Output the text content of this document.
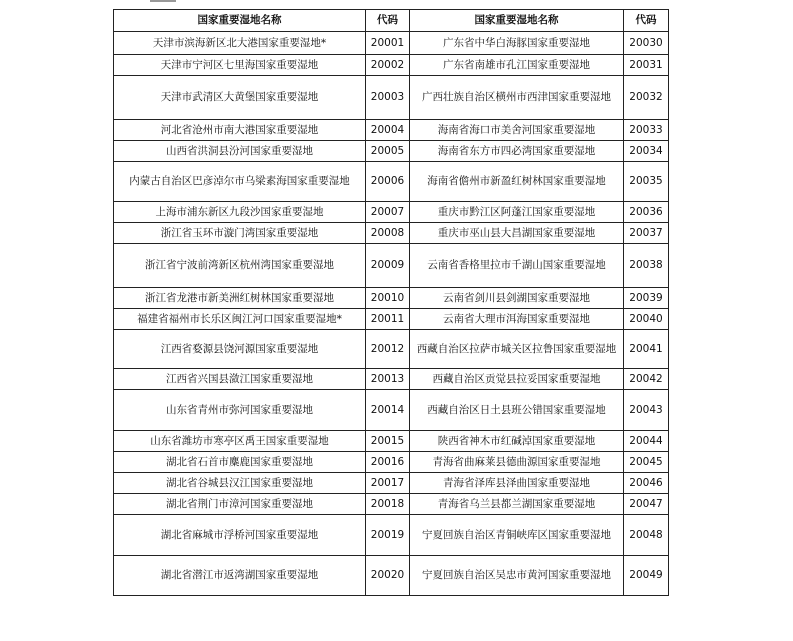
国家重要湿地名称	代码	国家重要湿地名称	代码
天津市滨海新区北大港国家重要湿地*	20001	广东省中华白海豚国家重要湿地	20030
天津市宁河区七里海国家重要湿地	20002	广东省南雄市孔江国家重要湿地	20031
天津市武清区大黄堡国家重要湿地	20003	广西壮族自治区横州市西津国家重要湿地	20032
河北省沧州市南大港国家重要湿地	20004	海南省海口市美舍河国家重要湿地	20033
山西省洪洞县汾河国家重要湿地	20005	海南省东方市四必湾国家重要湿地	20034
内蒙古自治区巴彦淖尔市乌梁素海国家重要湿地	20006	海南省儋州市新盈红树林国家重要湿地	20035
上海市浦东新区九段沙国家重要湿地	20007	重庆市黔江区阿蓬江国家重要湿地	20036
浙江省玉环市漩门湾国家重要湿地	20008	重庆市巫山县大昌湖国家重要湿地	20037
浙江省宁波前湾新区杭州湾国家重要湿地	20009	云南省香格里拉市千湖山国家重要湿地	20038
浙江省龙港市新美洲红树林国家重要湿地	20010	云南省剑川县剑湖国家重要湿地	20039
福建省福州市长乐区闽江河口国家重要湿地*	20011	云南省大理市洱海国家重要湿地	20040
江西省婺源县饶河源国家重要湿地	20012	西藏自治区拉萨市城关区拉鲁国家重要湿地	20041
江西省兴国县潋江国家重要湿地	20013	西藏自治区贡觉县拉妥国家重要湿地	20042
山东省青州市弥河国家重要湿地	20014	西藏自治区日土县班公错国家重要湿地	20043
山东省潍坊市寒亭区禹王国家重要湿地	20015	陕西省神木市红碱淖国家重要湿地	20044
湖北省石首市麋鹿国家重要湿地	20016	青海省曲麻莱县德曲源国家重要湿地	20045
湖北省谷城县汉江国家重要湿地	20017	青海省泽库县泽曲国家重要湿地	20046
湖北省荆门市漳河国家重要湿地	20018	青海省乌兰县都兰湖国家重要湿地	20047
湖北省麻城市浮桥河国家重要湿地	20019	宁夏回族自治区青铜峡库区国家重要湿地	20048
湖北省潜江市返湾湖国家重要湿地	20020	宁夏回族自治区吴忠市黄河国家重要湿地	20049
